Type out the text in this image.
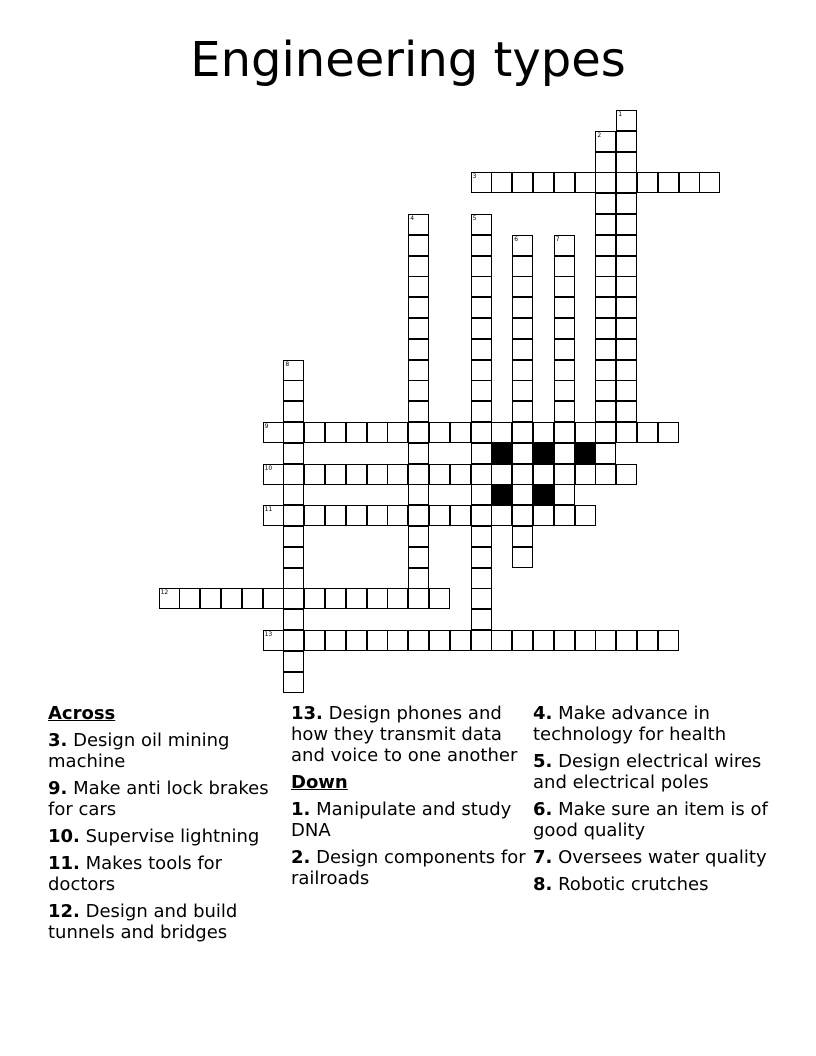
Engineering types
1
2
3
4	5
6	7
8
9
10
11
12
13
Across
3. Design oil mining machine
9. Make anti lock brakes for cars
10. Supervise lightning
11. Makes tools for doctors
12. Design and build tunnels and bridges
13. Design phones and how they transmit data and voice to one another
Down
1. Manipulate and study DNA
2. Design components for railroads
4. Make advance in technology for health
5. Design electrical wires and electrical poles
6. Make sure an item is of good quality
7. Oversees water quality
8. Robotic crutches
